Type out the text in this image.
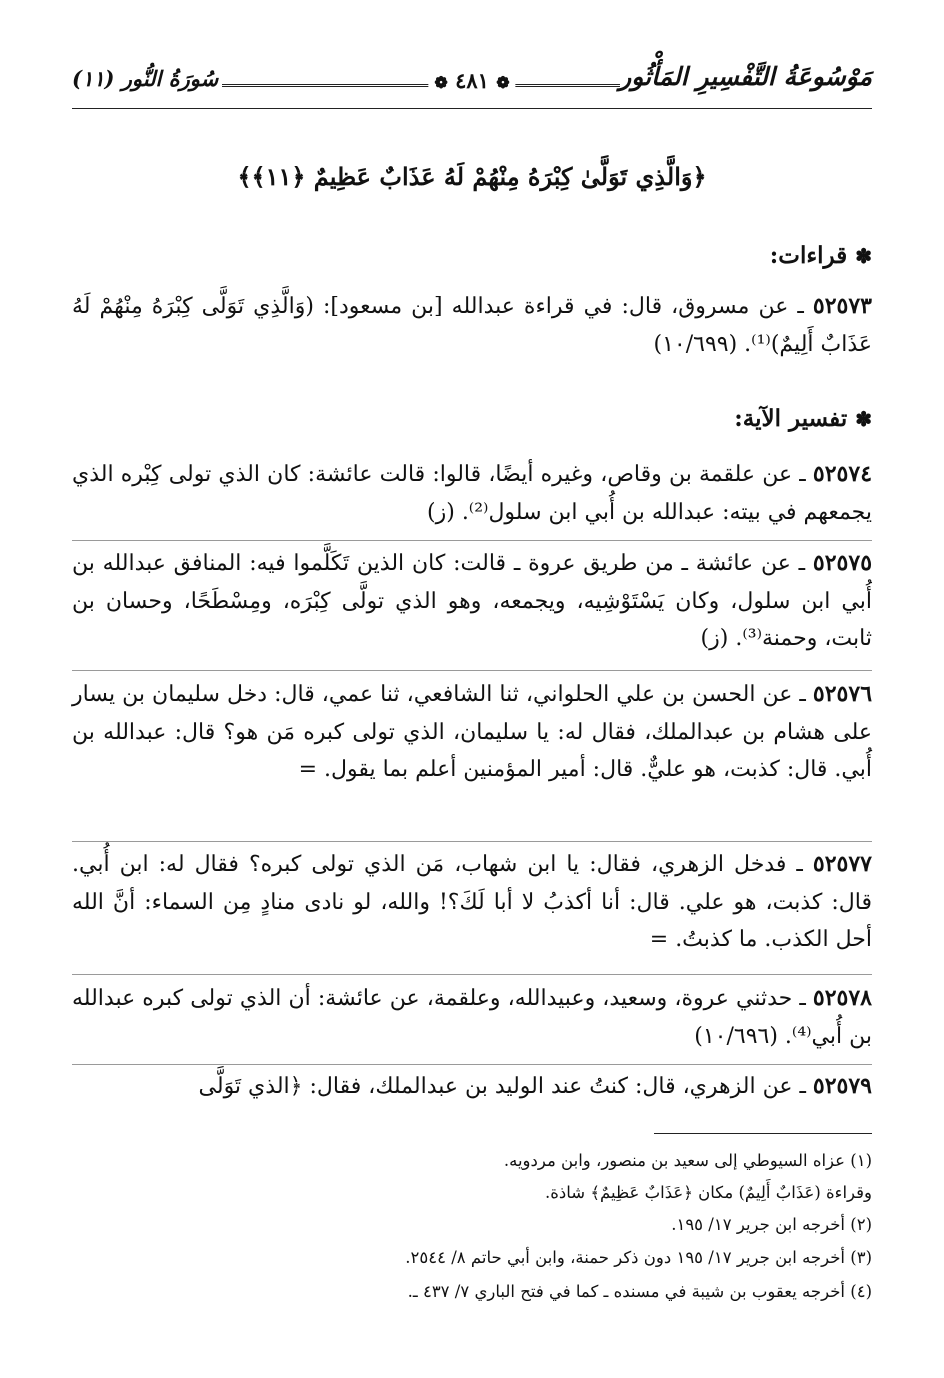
مَوْسُوعَةُ التَّفْسِيرِ المَأْثُور
❁ ٤٨١ ❁
سُورَةُ النُّور (١١)
﴿وَالَّذِي تَوَلَّىٰ كِبْرَهُ مِنْهُمْ لَهُ عَذَابٌ عَظِيمٌ ﴿١١﴾﴾
✽قراءات:
٥٢٥٧٣ ـ عن مسروق، قال: في قراءة عبدالله [بن مسعود]: (وَالَّذِي تَوَلَّى كِبْرَهُ مِنْهُمْ لَهُ عَذَابٌ أَلِيمٌ)⁽¹⁾. (١٠/٦٩٩)
✽تفسير الآية:
٥٢٥٧٤ ـ عن علقمة بن وقاص، وغيره أيضًا، قالوا: قالت عائشة: كان الذي تولى كِبْره الذي يجمعهم في بيته: عبدالله بن أُبي ابن سلول⁽²⁾. (ز)
٥٢٥٧٥ ـ عن عائشة ـ من طريق عروة ـ قالت: كان الذين تَكَلَّموا فيه: المنافق عبدالله بن أُبي ابن سلول، وكان يَسْتَوْشِيه، ويجمعه، وهو الذي تولَّى كِبْرَه، ومِسْطَحًا، وحسان بن ثابت، وحمنة⁽³⁾. (ز)
٥٢٥٧٦ ـ عن الحسن بن علي الحلواني، ثنا الشافعي، ثنا عمي، قال: دخل سليمان بن يسار على هشام بن عبدالملك، فقال له: يا سليمان، الذي تولى كبره مَن هو؟ قال: عبدالله بن أُبي. قال: كذبت، هو عليٌّ. قال: أمير المؤمنين أعلم بما يقول. =
٥٢٥٧٧ ـ فدخل الزهري، فقال: يا ابن شهاب، مَن الذي تولى كبره؟ فقال له: ابن أُبي. قال: كذبت، هو علي. قال: أنا أكذبُ لا أبا لَكَ؟! والله، لو نادى منادٍ مِن السماء: أنَّ الله أحل الكذب. ما كذبتُ. =
٥٢٥٧٨ ـ حدثني عروة، وسعيد، وعبيدالله، وعلقمة، عن عائشة: أن الذي تولى كبره عبدالله بن أُبي⁽⁴⁾. (١٠/٦٩٦)
٥٢٥٧٩ ـ عن الزهري، قال: كنتُ عند الوليد بن عبدالملك، فقال: ﴿الذي تَوَلَّى
(١) عزاه السيوطي إلى سعيد بن منصور، وابن مردويه.
وقراءة (عَذَابٌ أَلِيمٌ) مكان ﴿عَذَابٌ عَظِيمٌ﴾ شاذة.
(٢) أخرجه ابن جرير ١٧/ ١٩٥.
(٣) أخرجه ابن جرير ١٧/ ١٩٥ دون ذكر حمنة، وابن أبي حاتم ٨/ ٢٥٤٤.
(٤) أخرجه يعقوب بن شيبة في مسنده ـ كما في فتح الباري ٧/ ٤٣٧ ـ.
